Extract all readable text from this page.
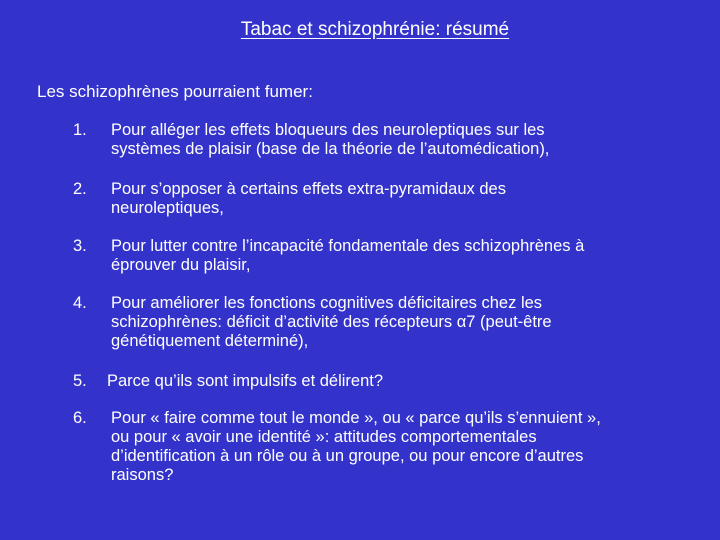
Tabac et schizophrénie: résumé
Les schizophrènes pourraient fumer:
1. Pour alléger les effets bloqueurs des neuroleptiques sur les
systèmes de plaisir (base de la théorie de l’automédication),
2. Pour s’opposer à certains effets extra-pyramidaux des
neuroleptiques,
3. Pour lutter contre l’incapacité fondamentale des schizophrènes à
éprouver du plaisir,
4. Pour améliorer les fonctions cognitives déficitaires chez les
schizophrènes: déficit d’activité des récepteurs α7 (peut-être
génétiquement déterminé),
5. Parce qu’ils sont impulsifs et délirent?
6. Pour « faire comme tout le monde », ou « parce qu’ils s’ennuient »,
ou pour « avoir une identité »: attitudes comportementales
d’identification à un rôle ou à un groupe, ou pour encore d’autres
raisons?
